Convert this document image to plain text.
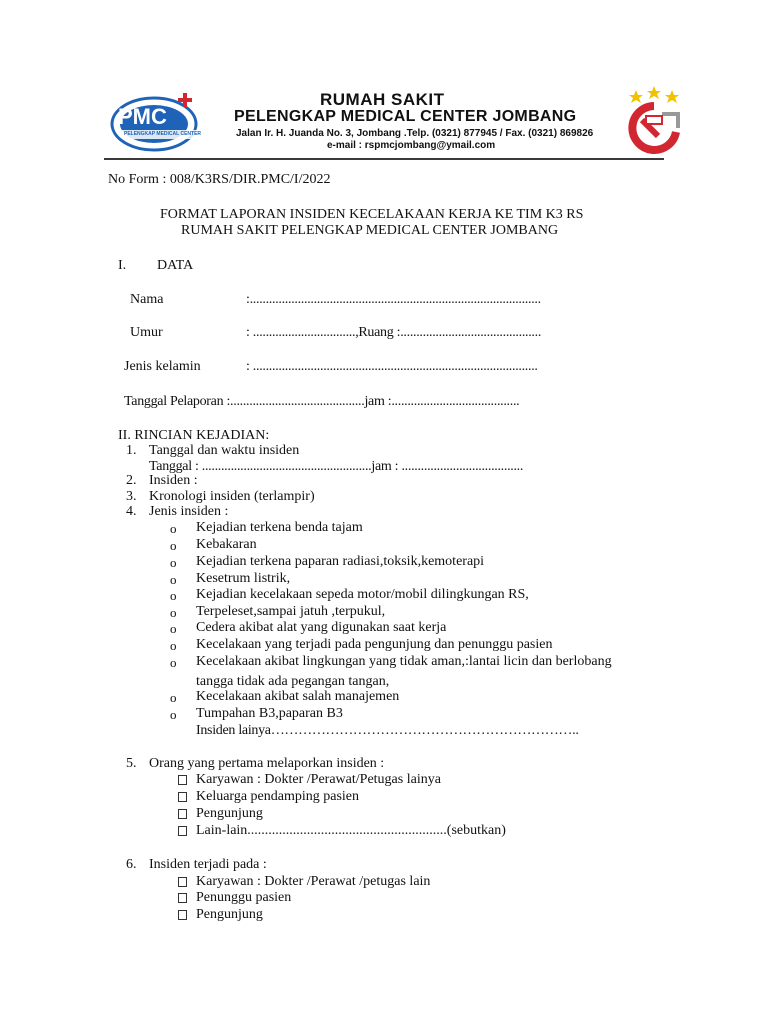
PMC
PELENGKAP MEDICAL CENTER
RUMAH SAKIT
PELENGKAP MEDICAL CENTER JOMBANG
Jalan Ir. H. Juanda No. 3, Jombang .Telp. (0321) 877945 / Fax. (0321) 869826
e-mail : rspmcjombang@ymail.com
No Form : 008/K3RS/DIR.PMC/I/2022
FORMAT LAPORAN INSIDEN KECELAKAAN KERJA KE TIM K3 RS
RUMAH SAKIT PELENGKAP MEDICAL CENTER JOMBANG
I. DATA
Nama	:...........................................................................................
Umur	: ................................,Ruang :............................................
Jenis kelamin	: .........................................................................................
Tanggal Pelaporan :..........................................jam :........................................
II. RINCIAN KEJADIAN:
1. Tanggal dan waktu insiden
Tanggal : .....................................................jam : ......................................
2. Insiden :
3. Kronologi insiden (terlampir)
4. Jenis insiden :
o Kejadian terkena benda tajam
o Kebakaran
o Kejadian terkena paparan radiasi,toksik,kemoterapi
o Kesetrum listrik,
o Kejadian kecelakaan sepeda motor/mobil dilingkungan RS,
o Terpeleset,sampai jatuh ,terpukul,
o Cedera akibat alat yang digunakan saat kerja
o Kecelakaan yang terjadi pada pengunjung dan penunggu pasien
o Kecelakaan akibat lingkungan yang tidak aman,:lantai licin dan berlobang
tangga tidak ada pegangan tangan,
o Kecelakaan akibat salah manajemen
o Tumpahan B3,paparan B3
Insiden lainya…………………………………………………………..
5. Orang yang pertama melaporkan insiden :
Karyawan : Dokter /Perawat/Petugas lainya
Keluarga pendamping pasien
Pengunjung
Lain-lain.........................................................(sebutkan)
6. Insiden terjadi pada :
Karyawan : Dokter /Perawat /petugas lain
Penunggu pasien
Pengunjung
